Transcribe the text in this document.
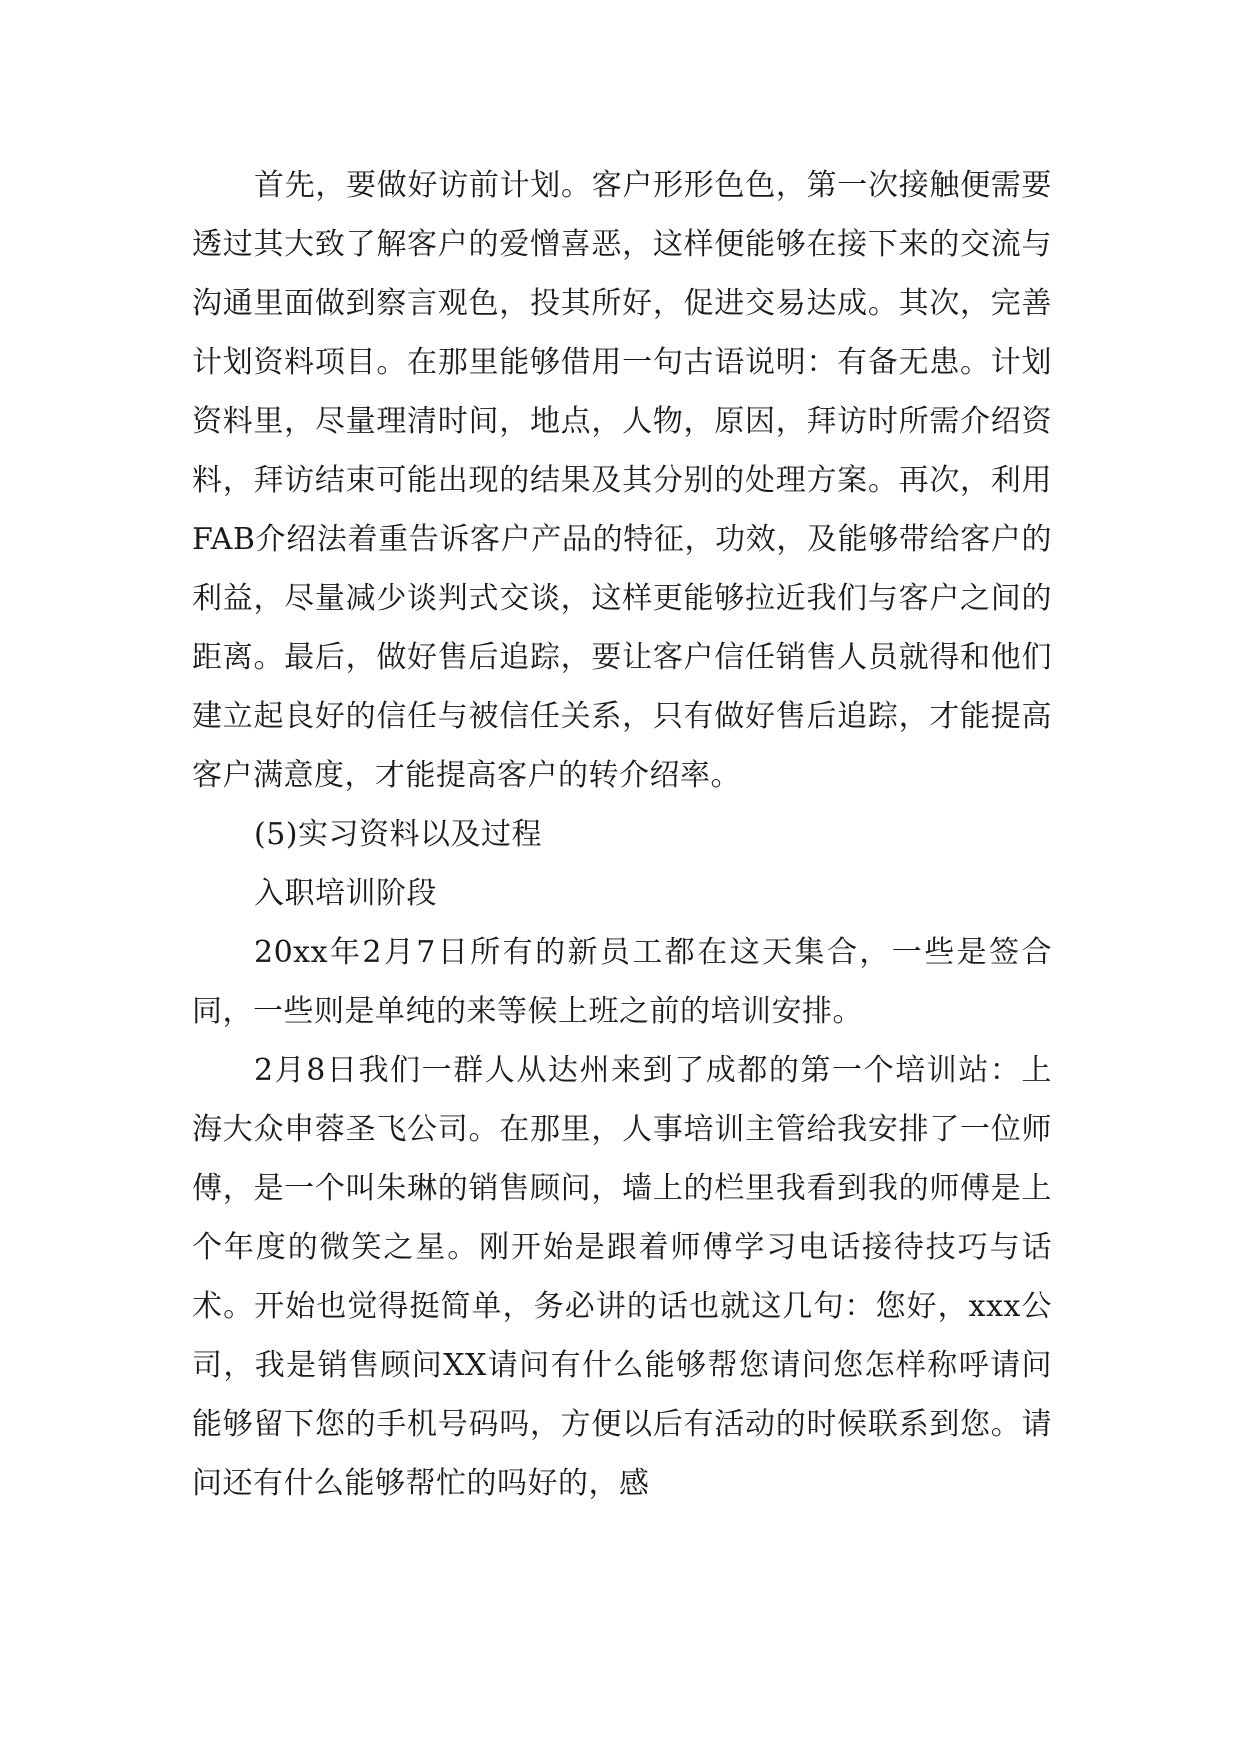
首先，要做好访前计划。客户形形色色，第一次接触便需要透过其大致了解客户的爱憎喜恶，这样便能够在接下来的交流与沟通里面做到察言观色，投其所好，促进交易达成。其次，完善计划资料项目。在那里能够借用一句古语说明：有备无患。计划资料里，尽量理清时间，地点，人物，原因，拜访时所需介绍资料，拜访结束可能出现的结果及其分别的处理方案。再次，利用FAB介绍法着重告诉客户产品的特征，功效，及能够带给客户的利益，尽量减少谈判式交谈，这样更能够拉近我们与客户之间的距离。最后，做好售后追踪，要让客户信任销售人员就得和他们建立起良好的信任与被信任关系，只有做好售后追踪，才能提高客户满意度，才能提高客户的转介绍率。

(5)实习资料以及过程

入职培训阶段

20xx年2月7日所有的新员工都在这天集合，一些是签合同，一些则是单纯的来等候上班之前的培训安排。

2月8日我们一群人从达州来到了成都的第一个培训站：上海大众申蓉圣飞公司。在那里，人事培训主管给我安排了一位师傅，是一个叫朱琳的销售顾问，墙上的栏里我看到我的师傅是上个年度的微笑之星。刚开始是跟着师傅学习电话接待技巧与话术。开始也觉得挺简单，务必讲的话也就这几句：您好，xxx公司，我是销售顾问XX请问有什么能够帮您请问您怎样称呼请问能够留下您的手机号码吗，方便以后有活动的时候联系到您。请问还有什么能够帮忙的吗好的，感
